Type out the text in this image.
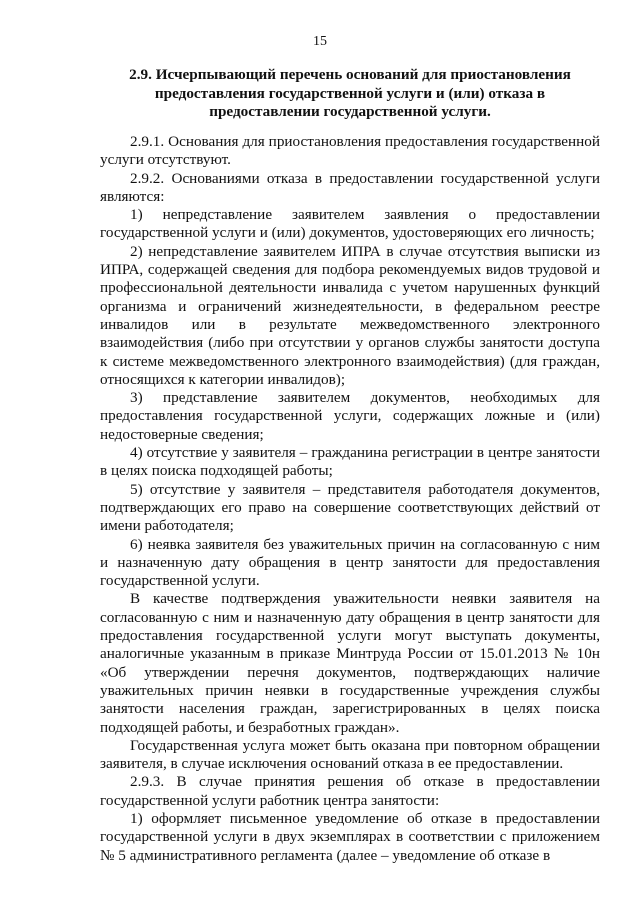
15
2.9. Исчерпывающий перечень оснований для приостановления предоставления государственной услуги и (или) отказа в предоставлении государственной услуги.

2.9.1. Основания для приостановления предоставления государственной услуги отсутствуют.

2.9.2. Основаниями отказа в предоставлении государственной услуги являются:

1) непредставление заявителем заявления о предоставлении государственной услуги и (или) документов, удостоверяющих его личность;

2) непредставление заявителем ИПРА в случае отсутствия выписки из ИПРА, содержащей сведения для подбора рекомендуемых видов трудовой и профессиональной деятельности инвалида с учетом нарушенных функций организма и ограничений жизнедеятельности, в федеральном реестре инвалидов или в результате межведомственного электронного взаимодействия (либо при отсутствии у органов службы занятости доступа к системе межведомственного электронного взаимодействия) (для граждан, относящихся к категории инвалидов);

3) представление заявителем документов, необходимых для предоставления государственной услуги, содержащих ложные и (или) недостоверные сведения;

4) отсутствие у заявителя – гражданина регистрации в центре занятости в целях поиска подходящей работы;

5) отсутствие у заявителя – представителя работодателя документов, подтверждающих его право на совершение соответствующих действий от имени работодателя;

6) неявка заявителя без уважительных причин на согласованную с ним и назначенную дату обращения в центр занятости для предоставления государственной услуги.

В качестве подтверждения уважительности неявки заявителя на согласованную с ним и назначенную дату обращения в центр занятости для предоставления государственной услуги могут выступать документы, аналогичные указанным в приказе Минтруда России от 15.01.2013 № 10н «Об утверждении перечня документов, подтверждающих наличие уважительных причин неявки в государственные учреждения службы занятости населения граждан, зарегистрированных в целях поиска подходящей работы, и безработных граждан».

Государственная услуга может быть оказана при повторном обращении заявителя, в случае исключения оснований отказа в ее предоставлении.

2.9.3. В случае принятия решения об отказе в предоставлении государственной услуги работник центра занятости:

1) оформляет письменное уведомление об отказе в предоставлении государственной услуги в двух экземплярах в соответствии с приложением № 5 административного регламента (далее – уведомление об отказе в
